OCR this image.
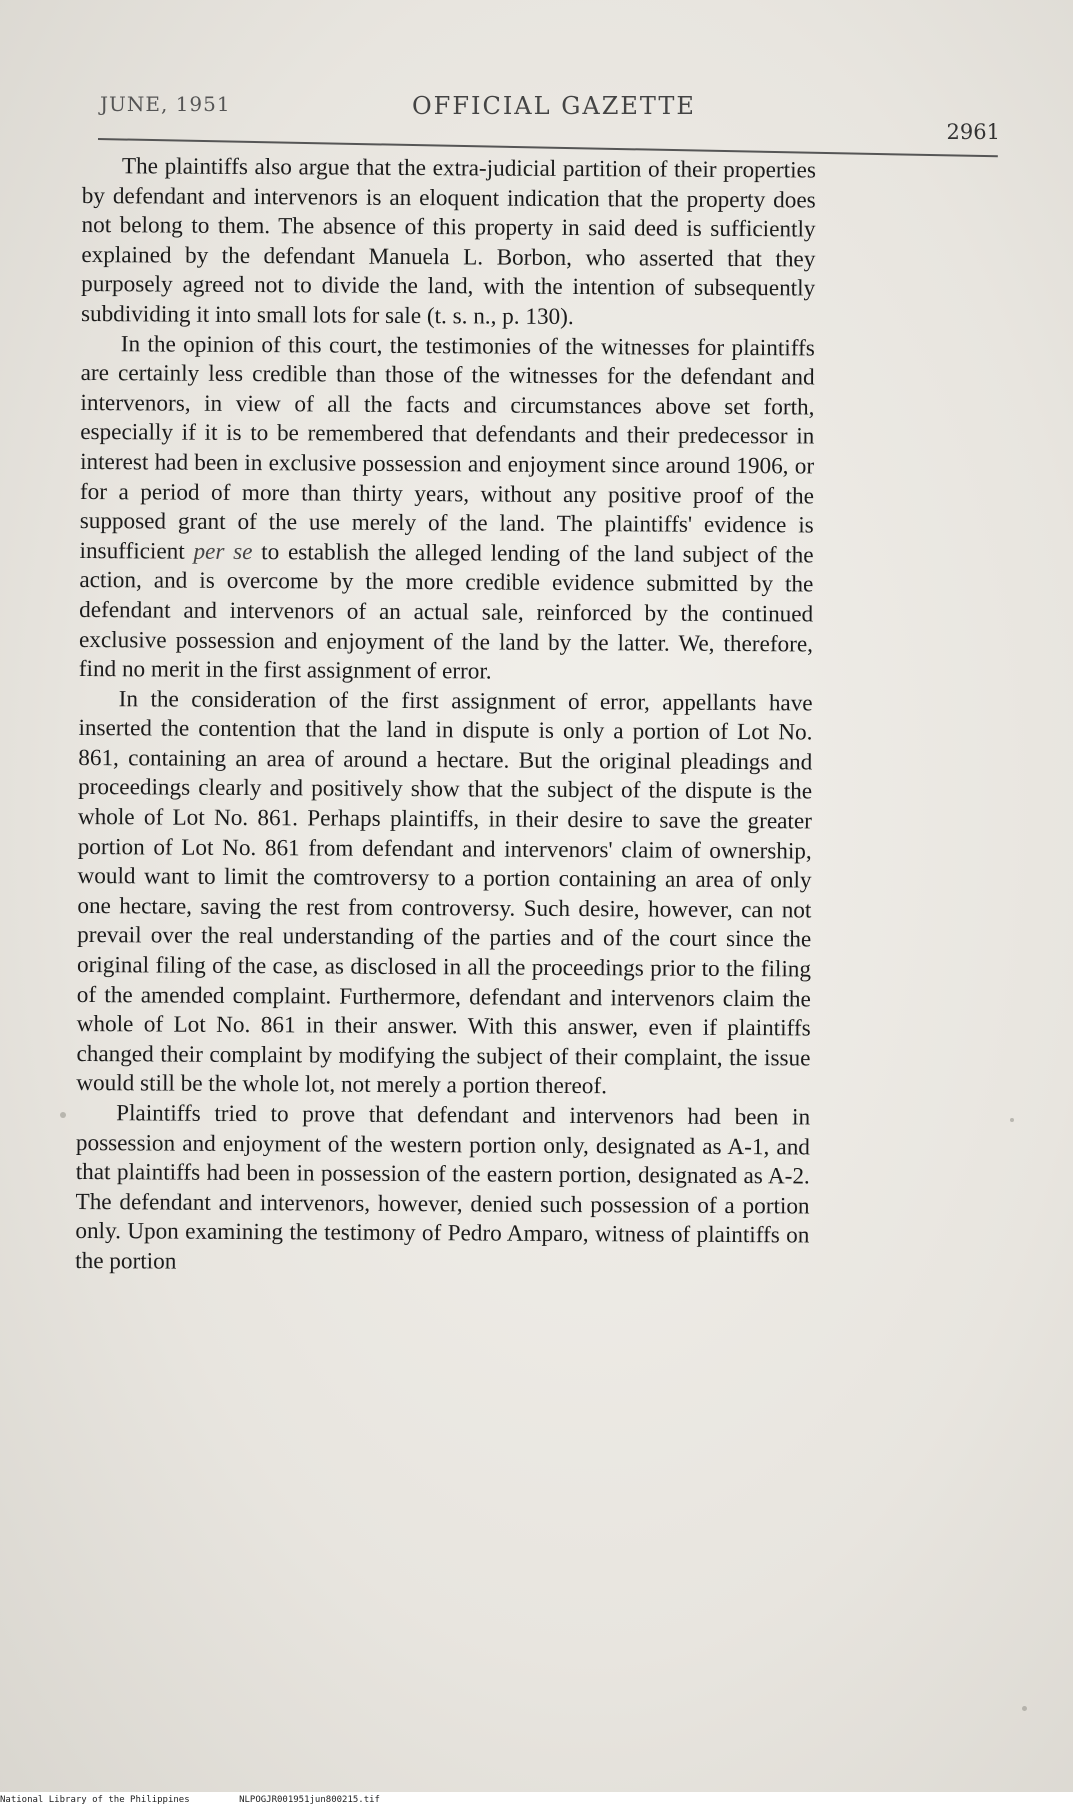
JUNE, 1951	OFFICIAL GAZETTE
2961

The plaintiffs also argue that the extra-judicial partition of their properties by defendant and intervenors is an eloquent indication that the property does not belong to them. The absence of this property in said deed is sufficiently explained by the defendant Manuela L. Borbon, who asserted that they purposely agreed not to divide the land, with the intention of subsequently subdividing it into small lots for sale (t. s. n., p. 130).

In the opinion of this court, the testimonies of the witnesses for plaintiffs are certainly less credible than those of the witnesses for the defendant and intervenors, in view of all the facts and circumstances above set forth, especially if it is to be remembered that defendants and their predecessor in interest had been in exclusive possession and enjoyment since around 1906, or for a period of more than thirty years, without any positive proof of the supposed grant of the use merely of the land. The plaintiffs' evidence is insufficient per se to establish the alleged lending of the land subject of the action, and is overcome by the more credible evidence submitted by the defendant and intervenors of an actual sale, reinforced by the continued exclusive possession and enjoyment of the land by the latter. We, therefore, find no merit in the first assignment of error.

In the consideration of the first assignment of error, appellants have inserted the contention that the land in dispute is only a portion of Lot No. 861, containing an area of around a hectare. But the original pleadings and proceedings clearly and positively show that the subject of the dispute is the whole of Lot No. 861. Perhaps plaintiffs, in their desire to save the greater portion of Lot No. 861 from defendant and intervenors' claim of ownership, would want to limit the comtroversy to a portion containing an area of only one hectare, saving the rest from controversy. Such desire, however, can not prevail over the real understanding of the parties and of the court since the original filing of the case, as disclosed in all the proceedings prior to the filing of the amended complaint. Furthermore, defendant and intervenors claim the whole of Lot No. 861 in their answer. With this answer, even if plaintiffs changed their complaint by modifying the subject of their complaint, the issue would still be the whole lot, not merely a portion thereof.

Plaintiffs tried to prove that defendant and intervenors had been in possession and enjoyment of the western portion only, designated as A-1, and that plaintiffs had been in possession of the eastern portion, designated as A-2. The defendant and intervenors, however, denied such possession of a portion only. Upon examining the testimony of Pedro Amparo, witness of plaintiffs on the portion

National Library of the Philippines	NLPOGJR001951jun800215.tif
